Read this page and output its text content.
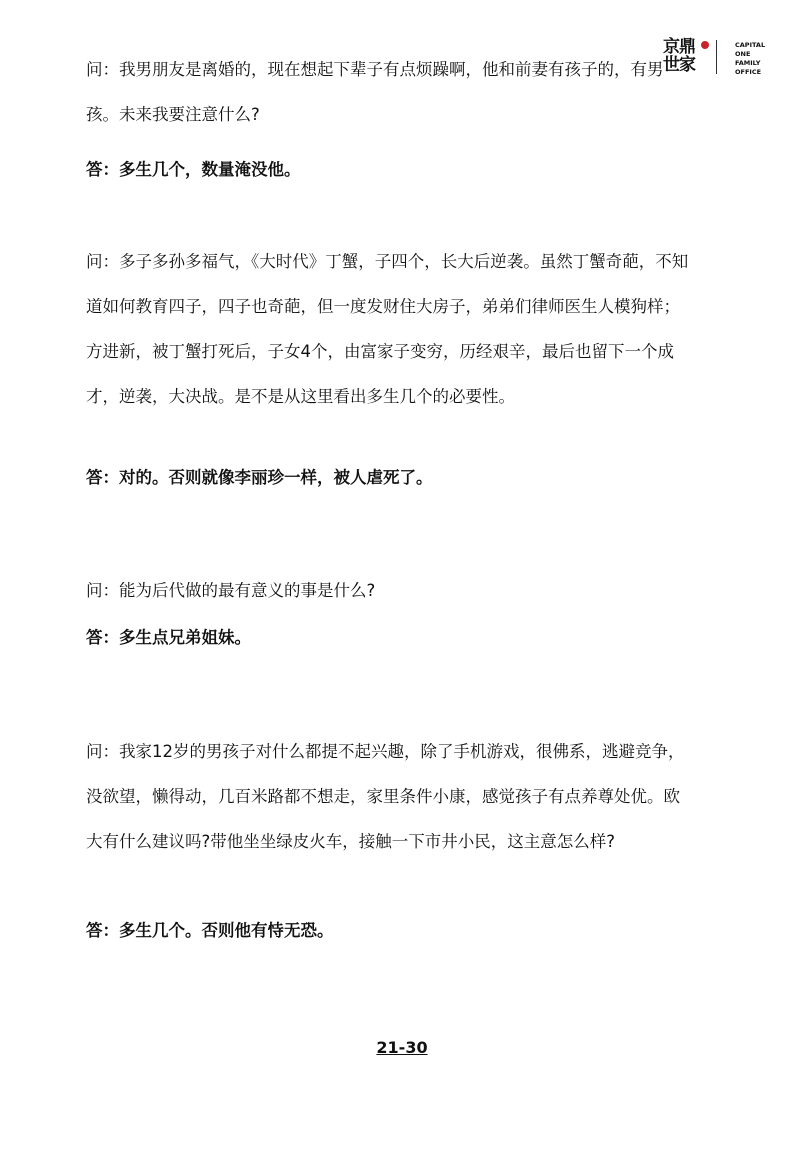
京鼎
世家
CAPITAL
ONE
FAMILY
OFFICE

问：我男朋友是离婚的，现在想起下辈子有点烦躁啊，他和前妻有孩子的，有男孩。未来我要注意什么?

答：多生几个，数量淹没他。

问：多子多孙多福气，《大时代》丁蟹，子四个，长大后逆袭。虽然丁蟹奇葩，不知道如何教育四子，四子也奇葩，但一度发财住大房子，弟弟们律师医生人模狗样；方进新，被丁蟹打死后，子女4个，由富家子变穷，历经艰辛，最后也留下一个成才，逆袭，大决战。是不是从这里看出多生几个的必要性。

答：对的。否则就像李丽珍一样，被人虐死了。

问：能为后代做的最有意义的事是什么?

答：多生点兄弟姐妹。

问：我家12岁的男孩子对什么都提不起兴趣，除了手机游戏，很佛系，逃避竞争，没欲望，懒得动，几百米路都不想走，家里条件小康，感觉孩子有点养尊处优。欧大有什么建议吗?带他坐坐绿皮火车，接触一下市井小民，这主意怎么样?

答：多生几个。否则他有恃无恐。

21-30
